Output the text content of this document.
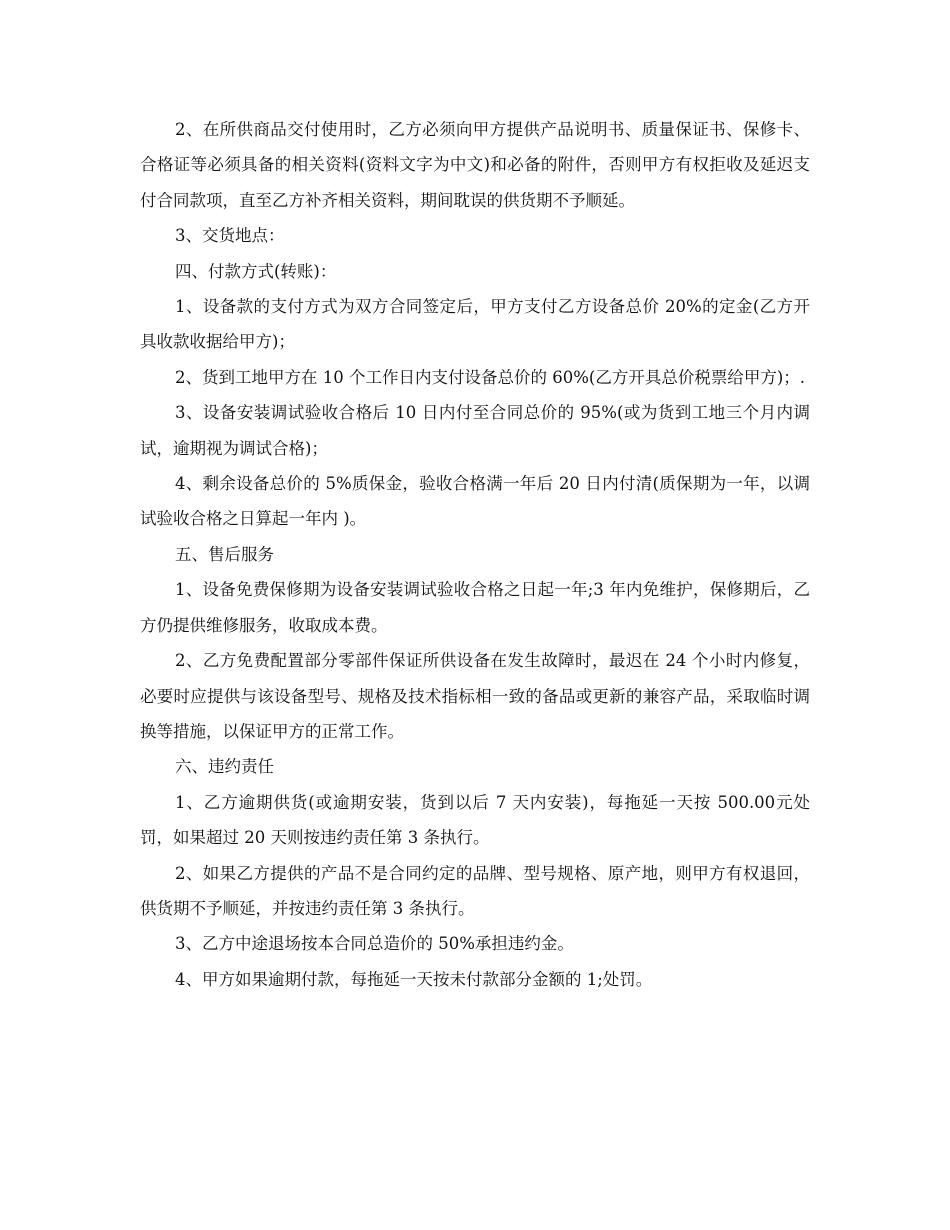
2、在所供商品交付使用时，乙方必须向甲方提供产品说明书、质量保证书、保修卡、合格证等必须具备的相关资料(资料文字为中文)和必备的附件，否则甲方有权拒收及延迟支付合同款项，直至乙方补齐相关资料，期间耽误的供货期不予顺延。

3、交货地点：

四、付款方式(转账)：

1、设备款的支付方式为双方合同签定后，甲方支付乙方设备总价 20%的定金(乙方开具收款收据给甲方)；

2、货到工地甲方在 10 个工作日内支付设备总价的 60%(乙方开具总价税票给甲方)；.

3、设备安装调试验收合格后 10 日内付至合同总价的 95%(或为货到工地三个月内调试，逾期视为调试合格)；

4、剩余设备总价的 5%质保金，验收合格满一年后 20 日内付清(质保期为一年，以调试验收合格之日算起一年内 )。

五、售后服务

1、设备免费保修期为设备安装调试验收合格之日起一年;3 年内免维护，保修期后，乙方仍提供维修服务，收取成本费。

2、乙方免费配置部分零部件保证所供设备在发生故障时，最迟在 24 个小时内修复，必要时应提供与该设备型号、规格及技术指标相一致的备品或更新的兼容产品，采取临时调换等措施，以保证甲方的正常工作。

六、违约责任

1、乙方逾期供货(或逾期安装，货到以后 7 天内安装)，每拖延一天按 500.00元处罚，如果超过 20 天则按违约责任第 3 条执行。

2、如果乙方提供的产品不是合同约定的品牌、型号规格、原产地，则甲方有权退回，供货期不予顺延，并按违约责任第 3 条执行。

3、乙方中途退场按本合同总造价的 50%承担违约金。

4、甲方如果逾期付款，每拖延一天按未付款部分金额的 1;处罚。
